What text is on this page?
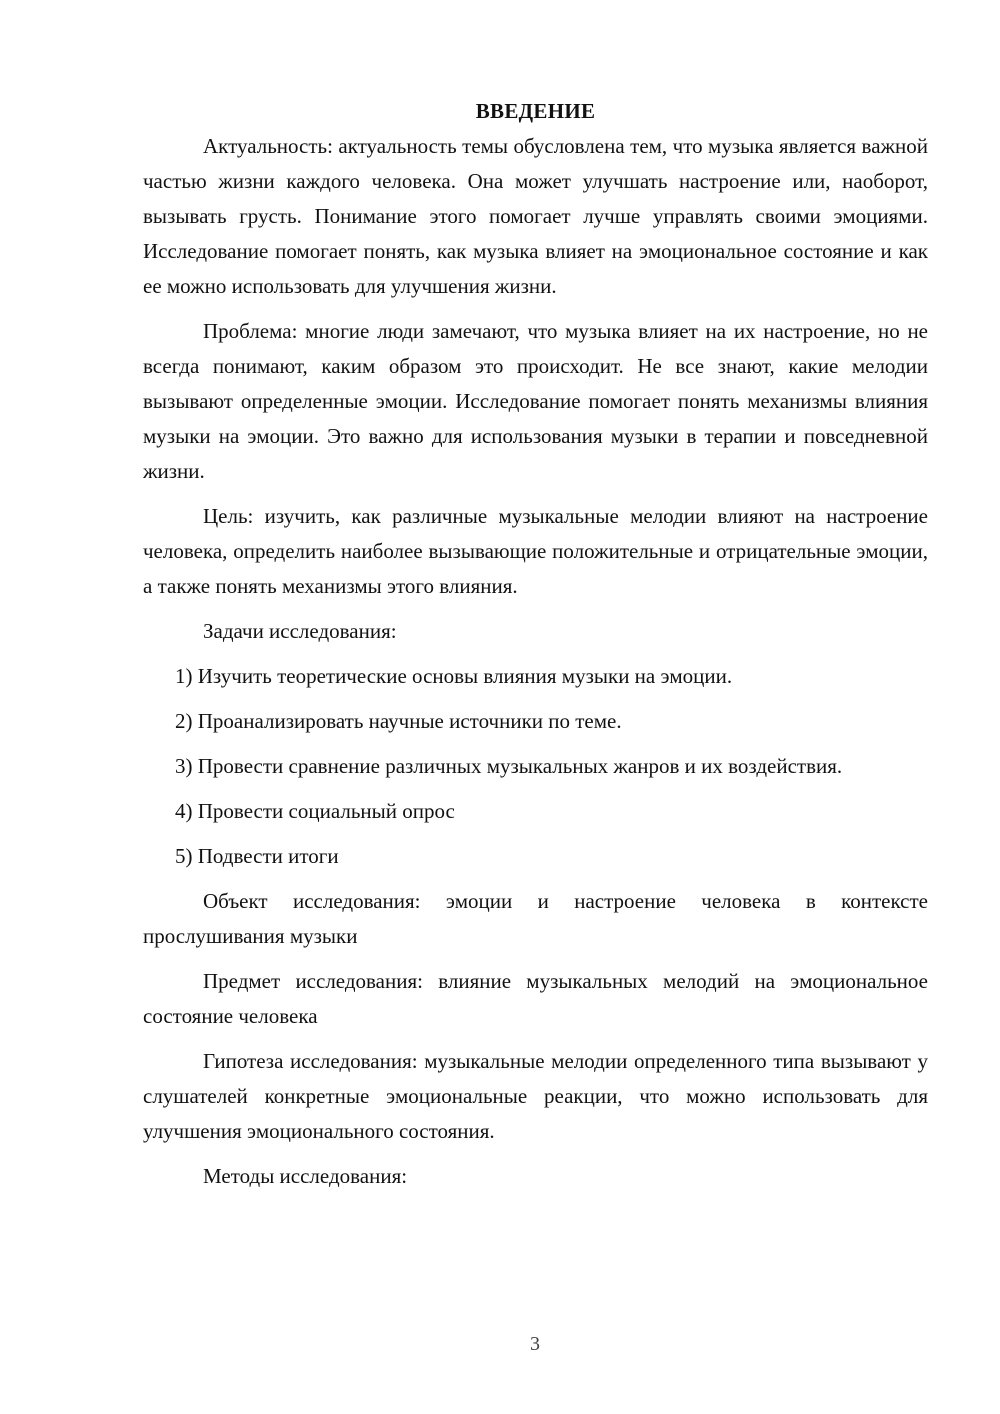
ВВЕДЕНИЕ

Актуальность: актуальность темы обусловлена тем, что музыка является важной частью жизни каждого человека. Она может улучшать настроение или, наоборот, вызывать грусть. Понимание этого помогает лучше управлять своими эмоциями. Исследование помогает понять, как музыка влияет на эмоциональное состояние и как ее можно использовать для улучшения жизни.

Проблема: многие люди замечают, что музыка влияет на их настроение, но не всегда понимают, каким образом это происходит. Не все знают, какие мелодии вызывают определенные эмоции. Исследование помогает понять механизмы влияния музыки на эмоции. Это важно для использования музыки в терапии и повседневной жизни.

Цель: изучить, как различные музыкальные мелодии влияют на настроение человека, определить наиболее вызывающие положительные и отрицательные эмоции, а также понять механизмы этого влияния.

Задачи исследования:

1) Изучить теоретические основы влияния музыки на эмоции.

2) Проанализировать научные источники по теме.

3) Провести сравнение различных музыкальных жанров и их воздействия.

4) Провести социальный опрос

5) Подвести итоги

Объект исследования: эмоции и настроение человека в контексте прослушивания музыки

Предмет исследования: влияние музыкальных мелодий на эмоциональное состояние человека

Гипотеза исследования: музыкальные мелодии определенного типа вызывают у слушателей конкретные эмоциональные реакции, что можно использовать для улучшения эмоционального состояния.

Методы исследования:

3
